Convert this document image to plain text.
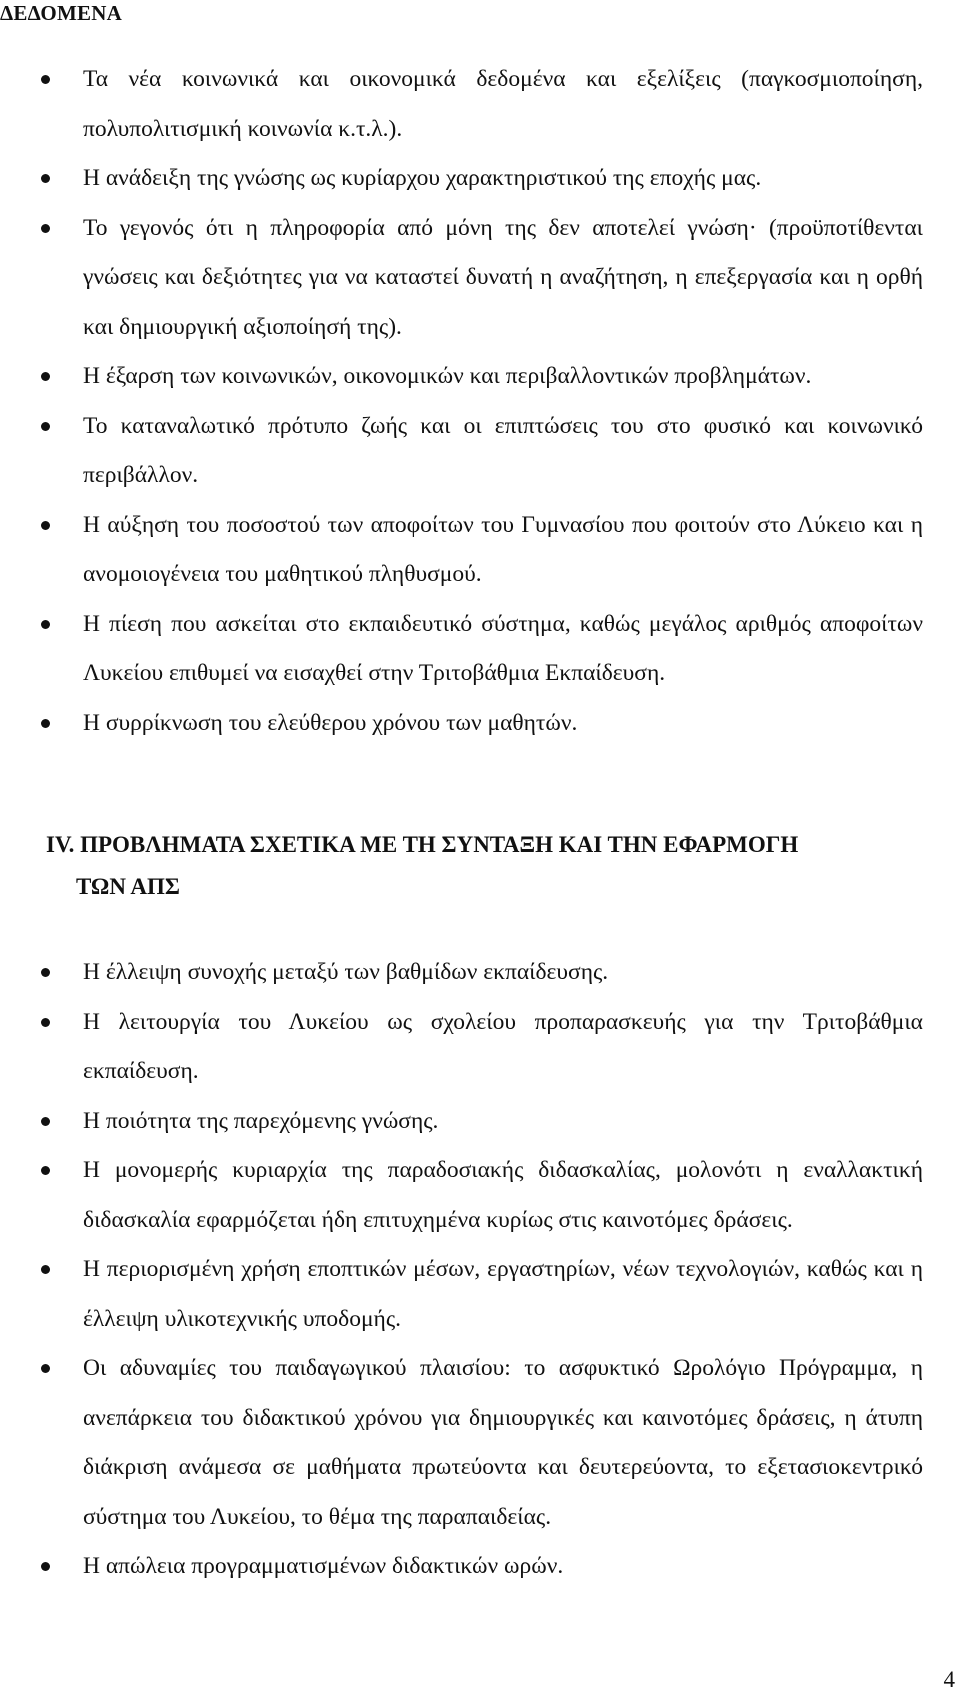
ΔΕΔΟΜΕΝΑ
Τα νέα κοινωνικά και οικονομικά δεδομένα και εξελίξεις (παγκοσμιοποίηση, πολυπολιτισμική κοινωνία κ.τ.λ.).
Η ανάδειξη της γνώσης ως κυρίαρχου χαρακτηριστικού της εποχής μας.
Το γεγονός ότι η πληροφορία από μόνη της δεν αποτελεί γνώση· (προϋποτίθενται γνώσεις και δεξιότητες για να καταστεί δυνατή η αναζήτηση, η επεξεργασία και η ορθή και δημιουργική αξιοποίησή της).
Η έξαρση των κοινωνικών, οικονομικών και περιβαλλοντικών προβλημάτων.
Το καταναλωτικό πρότυπο ζωής και οι επιπτώσεις του στο φυσικό και κοινωνικό περιβάλλον.
Η αύξηση του ποσοστού των αποφοίτων του Γυμνασίου που φοιτούν στο Λύκειο και η ανομοιογένεια του μαθητικού πληθυσμού.
Η πίεση που ασκείται στο εκπαιδευτικό σύστημα, καθώς μεγάλος αριθμός αποφοίτων Λυκείου επιθυμεί να εισαχθεί στην Τριτοβάθμια Εκπαίδευση.
Η συρρίκνωση του ελεύθερου χρόνου των μαθητών.
IV. ΠΡΟΒΛΗΜΑΤΑ ΣΧΕΤΙΚΑ ΜΕ ΤΗ ΣΥΝΤΑΞΗ ΚΑΙ ΤΗΝ ΕΦΑΡΜΟΓΗ
ΤΩΝ ΑΠΣ
Η έλλειψη συνοχής μεταξύ των βαθμίδων εκπαίδευσης.
Η λειτουργία του Λυκείου ως σχολείου προπαρασκευής για την Τριτοβάθμια εκπαίδευση.
Η ποιότητα της παρεχόμενης γνώσης.
Η μονομερής κυριαρχία της παραδοσιακής διδασκαλίας, μολονότι η εναλλακτική διδασκαλία εφαρμόζεται ήδη επιτυχημένα κυρίως στις καινοτόμες δράσεις.
Η περιορισμένη χρήση εποπτικών μέσων, εργαστηρίων, νέων τεχνολογιών, καθώς και η έλλειψη υλικοτεχνικής υποδομής.
Οι αδυναμίες του παιδαγωγικού πλαισίου: το ασφυκτικό Ωρολόγιο Πρόγραμμα, η ανεπάρκεια του διδακτικού χρόνου για δημιουργικές και καινοτόμες δράσεις, η άτυπη διάκριση ανάμεσα σε μαθήματα πρωτεύοντα και δευτερεύοντα, το εξετασιοκεντρικό σύστημα του Λυκείου, το θέμα της παραπαιδείας.
Η απώλεια προγραμματισμένων διδακτικών ωρών.
4
